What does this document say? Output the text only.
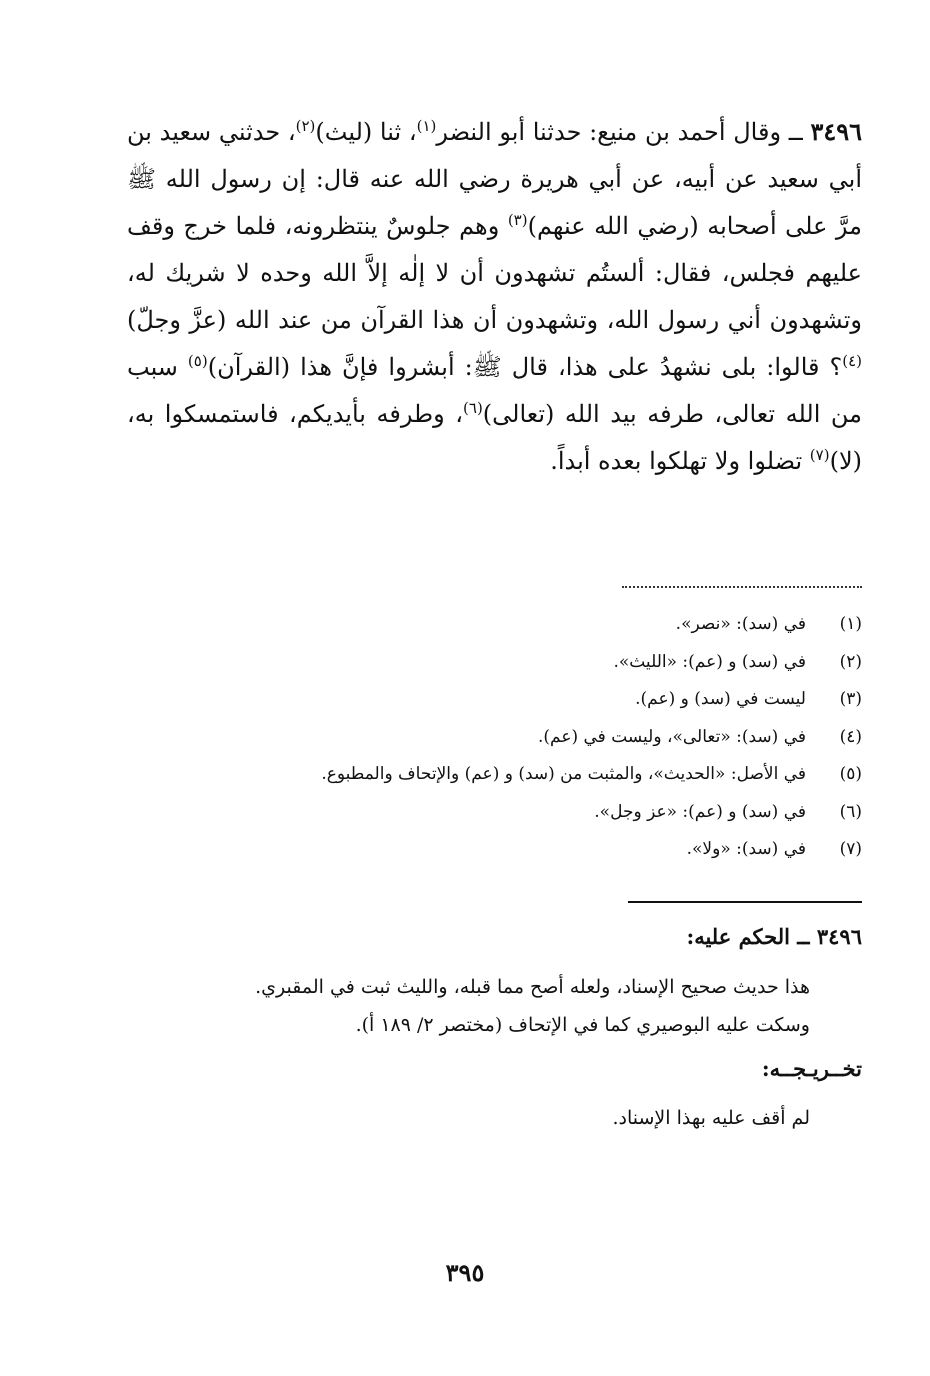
٣٤٩٦ ــ وقال أحمد بن منيع: حدثنا أبو النضر$^{(١)}$، ثنا (ليث)$^{(٢)}$، حدثني سعيد بن أبي سعيد عن أبيه، عن أبي هريرة رضي الله عنه قال: إن رسول الله ﷺ مرَّ على أصحابه (رضي الله عنهم)$^{(٣)}$ وهم جلوسٌ ينتظرونه، فلما خرج وقف عليهم فجلس، فقال: ألستُم تشهدون أن لا إلٰه إلاَّ الله وحده لا شريك له، وتشهدون أني رسول الله، وتشهدون أن هذا القرآن من عند الله (عزَّ وجلّ)$^{(٤)}$؟ قالوا: بلى نشهدُ على هذا، قال ﷺ: أبشروا فإنَّ هذا (القرآن)$^{(٥)}$ سبب من الله تعالى، طرفه بيد الله (تعالى)$^{(٦)}$، وطرفه بأيديكم، فاستمسكوا به، (لا)$^{(٧)}$ تضلوا ولا تهلكوا بعده أبداً.

(١)
في (سد): «نصر».
(٢)
في (سد) و (عم): «الليث».
(٣)
ليست في (سد) و (عم).
(٤)
في (سد): «تعالى»، وليست في (عم).
(٥)
في الأصل: «الحديث»، والمثبت من (سد) و (عم) والإتحاف والمطبوع.
(٦)
في (سد) و (عم): «عز وجل».
(٧)
في (سد): «ولا».
٣٤٩٦ ــ الحكم عليه:

هذا حديث صحيح الإسناد، ولعله أصح مما قبله، والليث ثبت في المقبري.

وسكت عليه البوصيري كما في الإتحاف (مختصر ٢/ ١٨٩ أ).

تخــريـجــه:
لم أقف عليه بهذا الإسناد.
٣٩٥
